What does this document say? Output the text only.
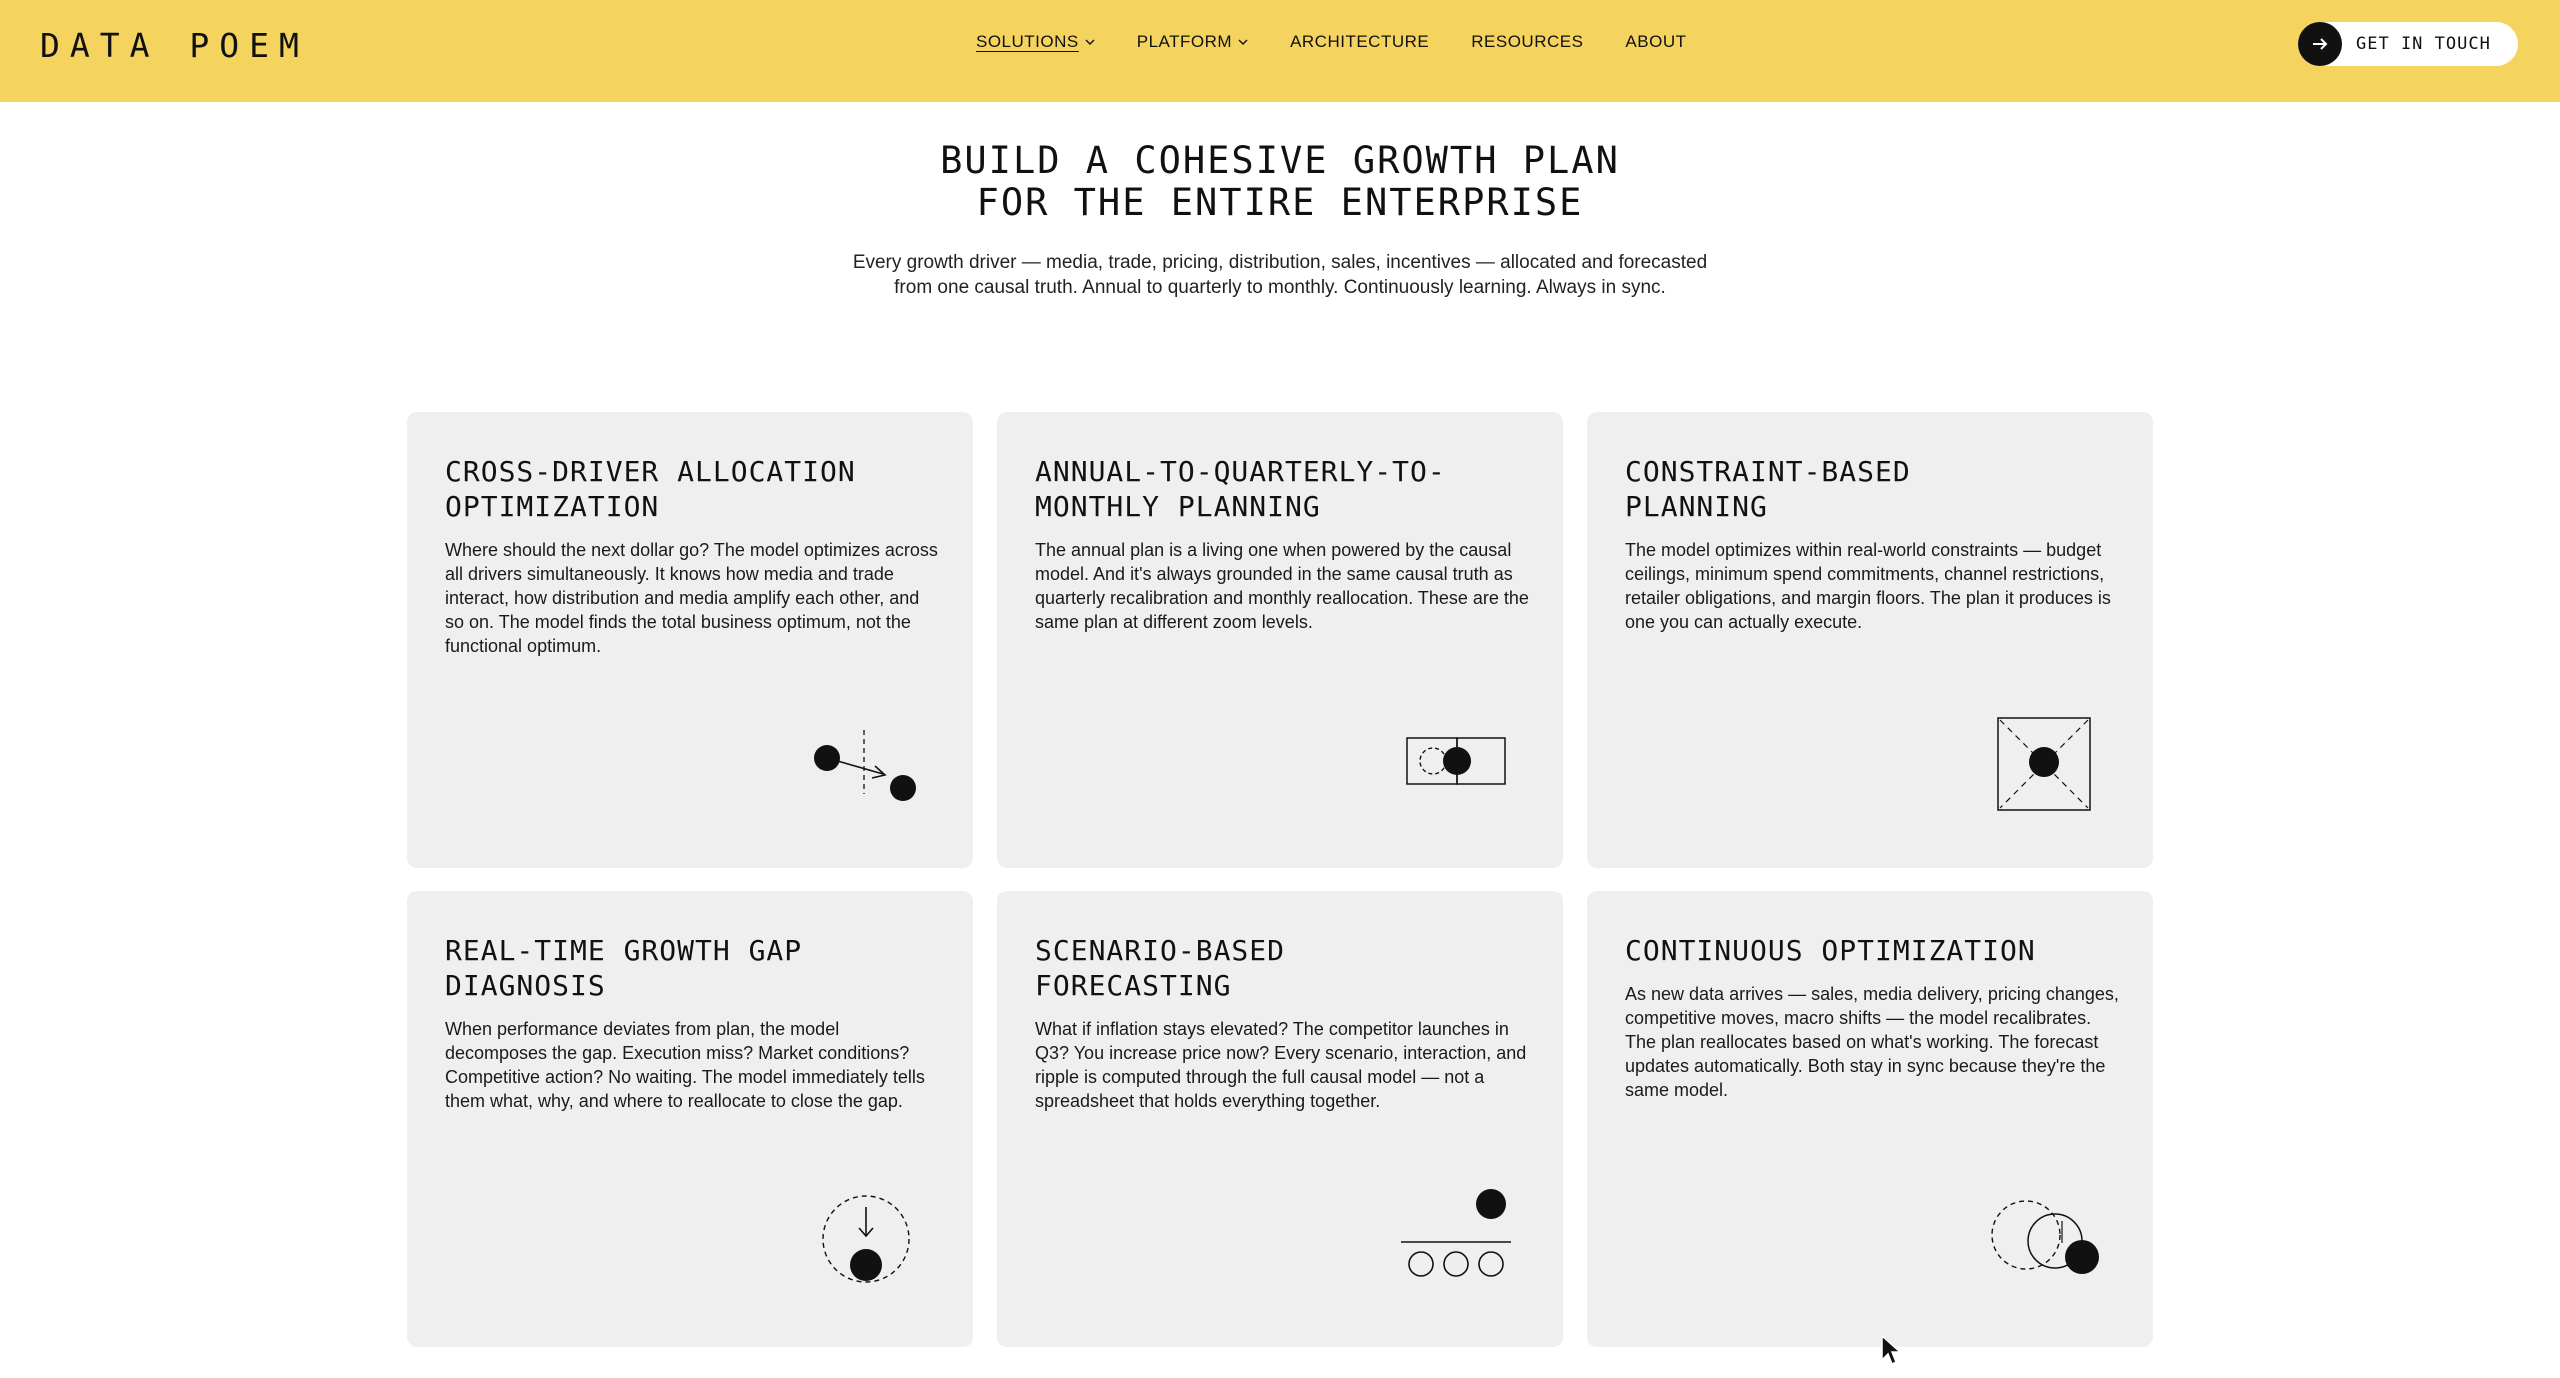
DATA POEM	SOLUTIONS	PLATFORM	ARCHITECTURE RESOURCES ABOUT	GET IN TOUCH
BUILD A COHESIVE GROWTH PLAN
FOR THE ENTIRE ENTERPRISE

Every growth driver — media, trade, pricing, distribution, sales, incentives — allocated and forecasted
from one causal truth. Annual to quarterly to monthly. Continuously learning. Always in sync.

CROSS-DRIVER ALLOCATION OPTIMIZATION

Where should the next dollar go? The model optimizes across all drivers simultaneously. It knows how media and trade interact, how distribution and media amplify each other, and so on. The model finds the total business optimum, not the functional optimum.

ANNUAL-TO-QUARTERLY-TO-MONTHLY PLANNING

The annual plan is a living one when powered by the causal model. And it's always grounded in the same causal truth as quarterly recalibration and monthly reallocation. These are the same plan at different zoom levels.

CONSTRAINT-BASED PLANNING

The model optimizes within real-world constraints — budget ceilings, minimum spend commitments, channel restrictions, retailer obligations, and margin floors. The plan it produces is one you can actually execute.

REAL-TIME GROWTH GAP DIAGNOSIS

When performance deviates from plan, the model decomposes the gap. Execution miss? Market conditions? Competitive action? No waiting. The model immediately tells them what, why, and where to reallocate to close the gap.

SCENARIO-BASED FORECASTING

What if inflation stays elevated? The competitor launches in Q3? You increase price now? Every scenario, interaction, and ripple is computed through the full causal model — not a spreadsheet that holds everything together.

CONTINUOUS OPTIMIZATION

As new data arrives — sales, media delivery, pricing changes, competitive moves, macro shifts — the model recalibrates. The plan reallocates based on what's working. The forecast updates automatically. Both stay in sync because they're the same model.
